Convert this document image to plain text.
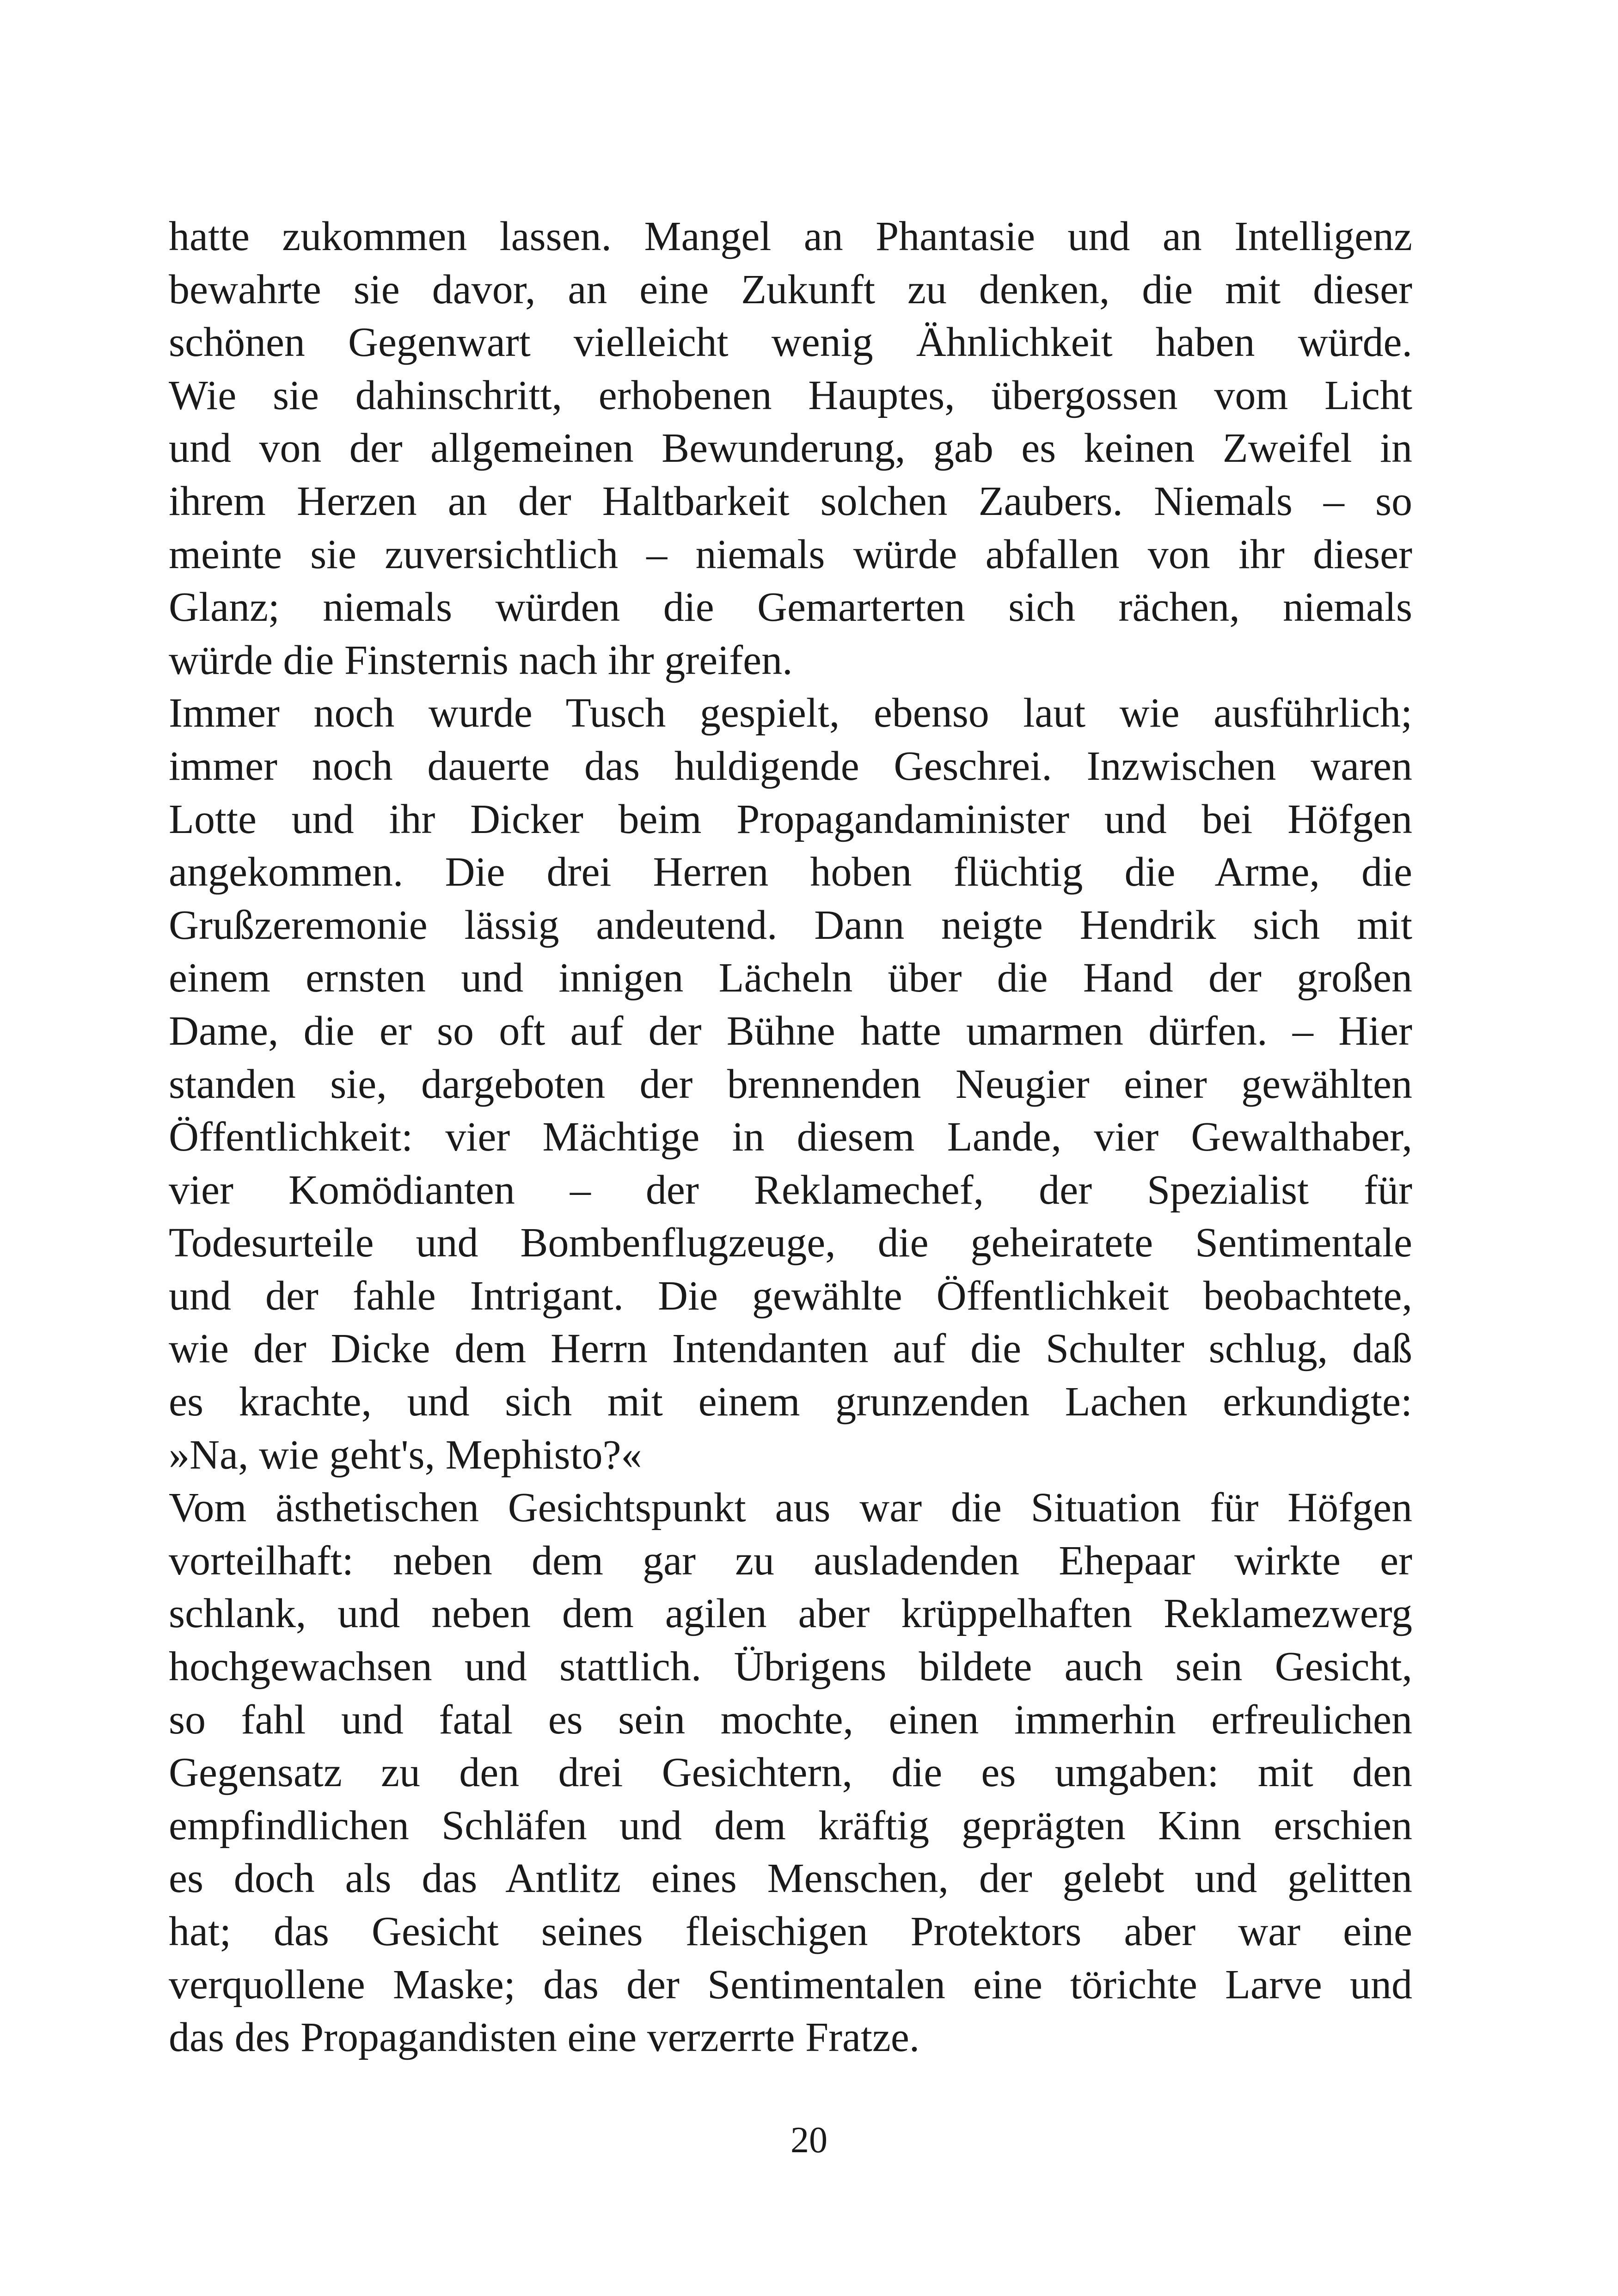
hatte zukommen lassen. Mangel an Phantasie und an Intelligenz
bewahrte sie davor, an eine Zukunft zu denken, die mit dieser
schönen Gegenwart vielleicht wenig Ähnlichkeit haben würde.
Wie sie dahinschritt, erhobenen Hauptes, übergossen vom Licht
und von der allgemeinen Bewunderung, gab es keinen Zweifel in
ihrem Herzen an der Haltbarkeit solchen Zaubers. Niemals – so
meinte sie zuversichtlich – niemals würde abfallen von ihr dieser
Glanz; niemals würden die Gemarterten sich rächen, niemals
würde die Finsternis nach ihr greifen.
Immer noch wurde Tusch gespielt, ebenso laut wie ausführlich;
immer noch dauerte das huldigende Geschrei. Inzwischen waren
Lotte und ihr Dicker beim Propagandaminister und bei Höfgen
angekommen. Die drei Herren hoben flüchtig die Arme, die
Grußzeremonie lässig andeutend. Dann neigte Hendrik sich mit
einem ernsten und innigen Lächeln über die Hand der großen
Dame, die er so oft auf der Bühne hatte umarmen dürfen. – Hier
standen sie, dargeboten der brennenden Neugier einer gewählten
Öffentlichkeit: vier Mächtige in diesem Lande, vier Gewalthaber,
vier Komödianten – der Reklamechef, der Spezialist für
Todesurteile und Bombenflugzeuge, die geheiratete Sentimentale
und der fahle Intrigant. Die gewählte Öffentlichkeit beobachtete,
wie der Dicke dem Herrn Intendanten auf die Schulter schlug, daß
es krachte, und sich mit einem grunzenden Lachen erkundigte:
»Na, wie geht's, Mephisto?«
Vom ästhetischen Gesichtspunkt aus war die Situation für Höfgen
vorteilhaft: neben dem gar zu ausladenden Ehepaar wirkte er
schlank, und neben dem agilen aber krüppelhaften Reklamezwerg
hochgewachsen und stattlich. Übrigens bildete auch sein Gesicht,
so fahl und fatal es sein mochte, einen immerhin erfreulichen
Gegensatz zu den drei Gesichtern, die es umgaben: mit den
empfindlichen Schläfen und dem kräftig geprägten Kinn erschien
es doch als das Antlitz eines Menschen, der gelebt und gelitten
hat; das Gesicht seines fleischigen Protektors aber war eine
verquollene Maske; das der Sentimentalen eine törichte Larve und
das des Propagandisten eine verzerrte Fratze.
20
